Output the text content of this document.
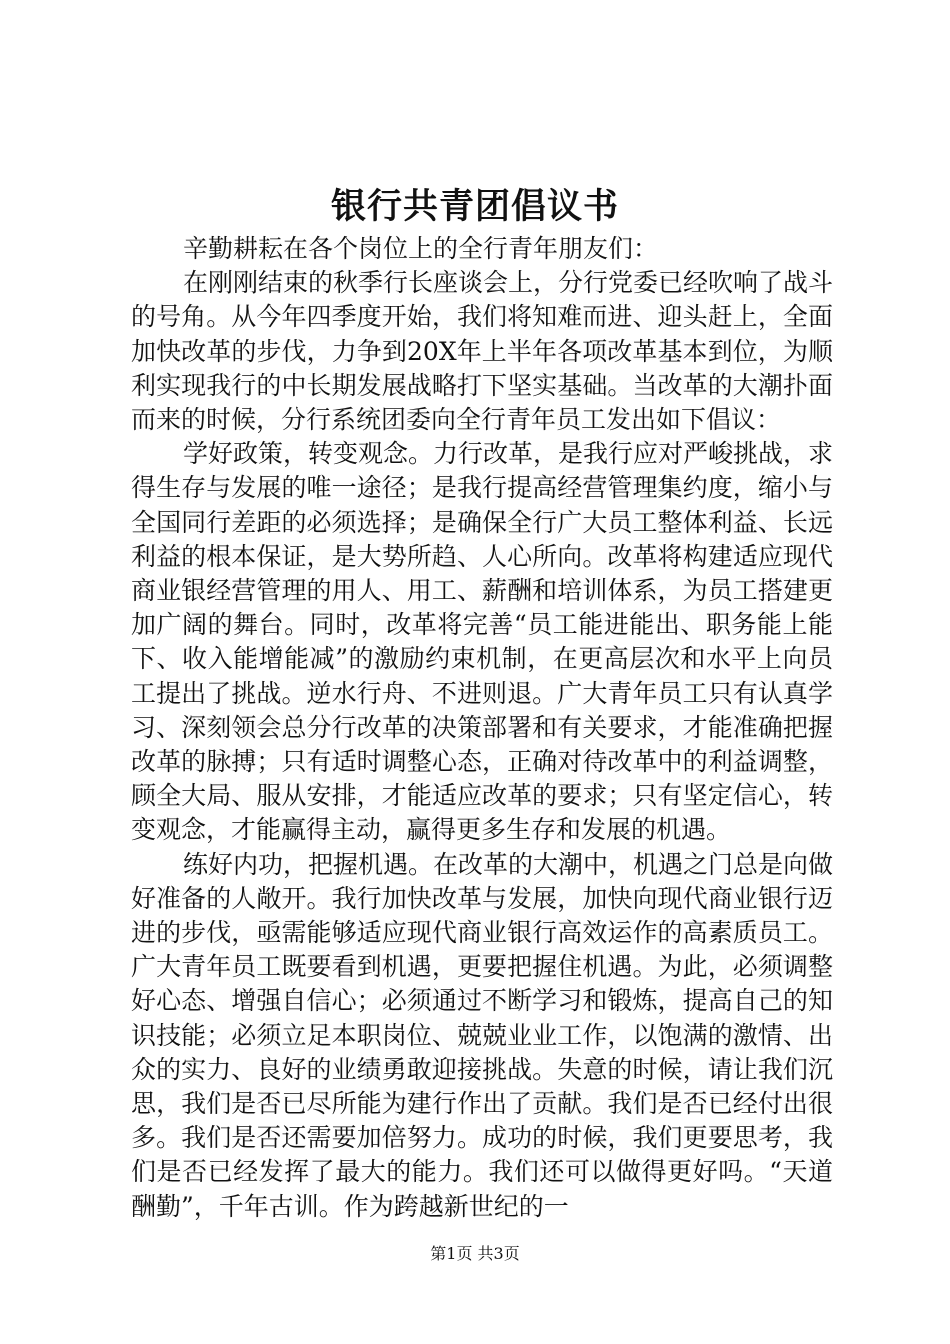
银行共青团倡议书

辛勤耕耘在各个岗位上的全行青年朋友们：

在刚刚结束的秋季行长座谈会上，分行党委已经吹响了战斗的号角。从今年四季度开始，我们将知难而进、迎头赶上，全面加快改革的步伐，力争到20X年上半年各项改革基本到位，为顺利实现我行的中长期发展战略打下坚实基础。当改革的大潮扑面而来的时候，分行系统团委向全行青年员工发出如下倡议：

学好政策，转变观念。力行改革，是我行应对严峻挑战，求得生存与发展的唯一途径；是我行提高经营管理集约度，缩小与全国同行差距的必须选择；是确保全行广大员工整体利益、长远利益的根本保证，是大势所趋、人心所向。改革将构建适应现代商业银经营管理的用人、用工、薪酬和培训体系，为员工搭建更加广阔的舞台。同时，改革将完善“员工能进能出、职务能上能下、收入能增能减”的激励约束机制，在更高层次和水平上向员工提出了挑战。逆水行舟、不进则退。广大青年员工只有认真学习、深刻领会总分行改革的决策部署和有关要求，才能准确把握改革的脉搏；只有适时调整心态，正确对待改革中的利益调整，顾全大局、服从安排，才能适应改革的要求；只有坚定信心，转变观念，才能赢得主动，赢得更多生存和发展的机遇。

练好内功，把握机遇。在改革的大潮中，机遇之门总是向做好准备的人敞开。我行加快改革与发展，加快向现代商业银行迈进的步伐，亟需能够适应现代商业银行高效运作的高素质员工。广大青年员工既要看到机遇，更要把握住机遇。为此，必须调整好心态、增强自信心；必须通过不断学习和锻炼，提高自己的知识技能；必须立足本职岗位、兢兢业业工作，以饱满的激情、出众的实力、良好的业绩勇敢迎接挑战。失意的时候，请让我们沉思，我们是否已尽所能为建行作出了贡献。我们是否已经付出很多。我们是否还需要加倍努力。成功的时候，我们更要思考，我们是否已经发挥了最大的能力。我们还可以做得更好吗。“天道酬勤”，千年古训。作为跨越新世纪的一

第1页 共3页
